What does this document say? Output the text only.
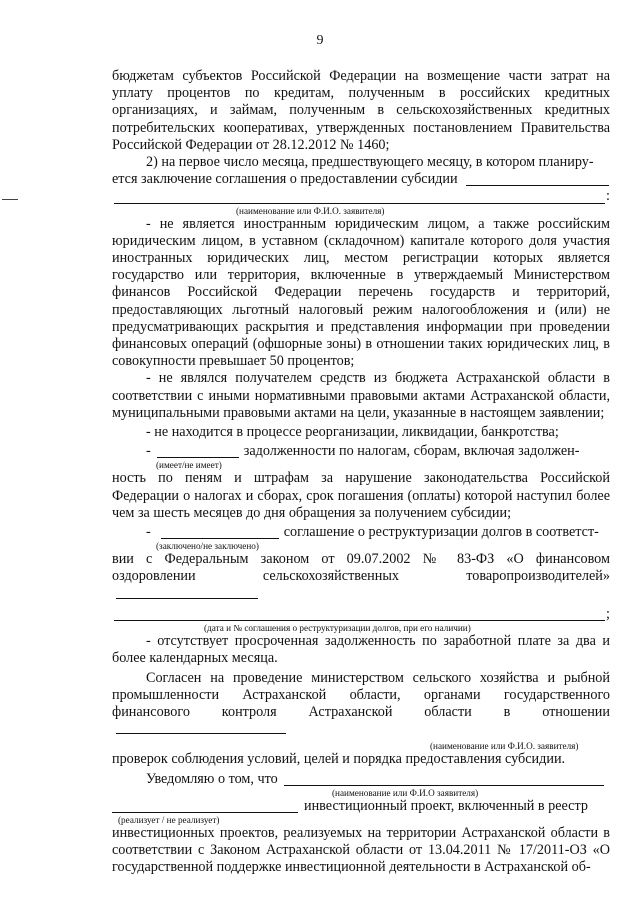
9

бюджетам субъектов Российской Федерации на возмещение части затрат на уплату процентов по кредитам, полученным в российских кредитных организациях, и займам, полученным в сельскохозяйственных кредитных потребительских кооперативах, утвержденных постановлением Правительства Российской Федерации от 28.12.2012 № 1460;

2) на первое число месяца, предшествующего месяцу, в котором планиру-
ется заключение соглашения о предоставлении субсидии
:
(наименование или Ф.И.О. заявителя)

- не является иностранным юридическим лицом, а также российским юридическим лицом, в уставном (складочном) капитале которого доля участия иностранных юридических лиц, местом регистрации которых является государство или территория, включенные в утверждаемый Министерством финансов Российской Федерации перечень государств и территорий, предоставляющих льготный налоговый режим налогообложения и (или) не предусматривающих раскрытия и представления информации при проведении финансовых операций (офшорные зоны) в отношении таких юридических лиц, в совокупности превышает 50 процентов;

- не являлся получателем средств из бюджета Астраханской области в соответствии с иными нормативными правовыми актами Астраханской области, муниципальными правовыми актами на цели, указанные в настоящем заявлении;

- не находится в процессе реорганизации, ликвидации, банкротства;

-	задолженности по налогам, сборам, включая задолжен-
(имеет/не имеет)

ность по пеням и штрафам за нарушение законодательства Российской Федерации о налогах и сборах, срок погашения (оплаты) которой наступил более чем за шесть месяцев до дня обращения за получением субсидии;

-	соглашение о реструктуризации долгов в соответст-
(заключено/не заключено)

вии с Федеральным законом от 09.07.2002 № 83-ФЗ «О финансовом оздоровлении сельскохозяйственных товаропроизводителей»

;
(дата и № соглашения о реструктуризации долгов, при его наличии)

- отсутствует просроченная задолженность по заработной плате за два и более календарных месяца.

Согласен на проведение министерством сельского хозяйства и рыбной промышленности Астраханской области, органами государственного финансового контроля Астраханской области в отношении

(наименование или Ф.И.О. заявителя)

проверок соблюдения условий, целей и порядка предоставления субсидии.

Уведомляю о том, что
(наименование или Ф.И.О заявителя)
инвестиционный проект, включенный в реестр
(реализует / не реализует)

инвестиционных проектов, реализуемых на территории Астраханской области в соответствии с Законом Астраханской области от 13.04.2011 № 17/2011-ОЗ «О государственной поддержке инвестиционной деятельности в Астраханской об-
